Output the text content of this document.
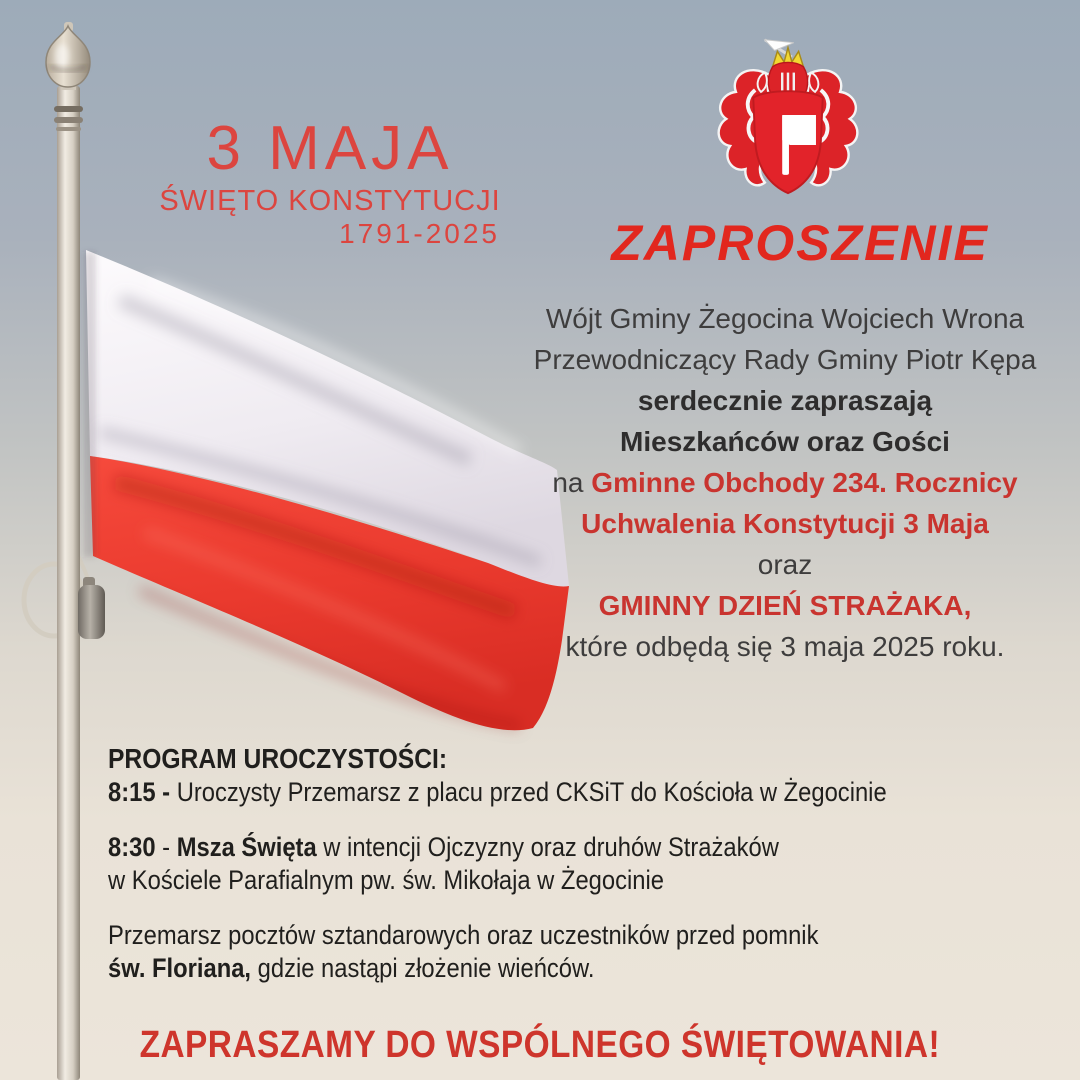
3 MAJA
ŚWIĘTO KONSTYTUCJI
1791-2025	ZAPROSZENIE
Wójt Gminy Żegocina Wojciech Wrona
Przewodniczący Rady Gminy Piotr Kępa
serdecznie zapraszają
Mieszkańców oraz Gości
na Gminne Obchody 234. Rocznicy
Uchwalenia Konstytucji 3 Maja
oraz
GMINNY DZIEŃ STRAŻAKA,
które odbędą się 3 maja 2025 roku.
PROGRAM UROCZYSTOŚCI:
8:15 - Uroczysty Przemarsz z placu przed CKSiT do Kościoła w Żegocinie
8:30 - Msza Święta w intencji Ojczyzny oraz druhów Strażaków
w Kościele Parafialnym pw. św. Mikołaja w Żegocinie
Przemarsz pocztów sztandarowych oraz uczestników przed pomnik
św. Floriana, gdzie nastąpi złożenie wieńców.
ZAPRASZAMY DO WSPÓLNEGO ŚWIĘTOWANIA!
